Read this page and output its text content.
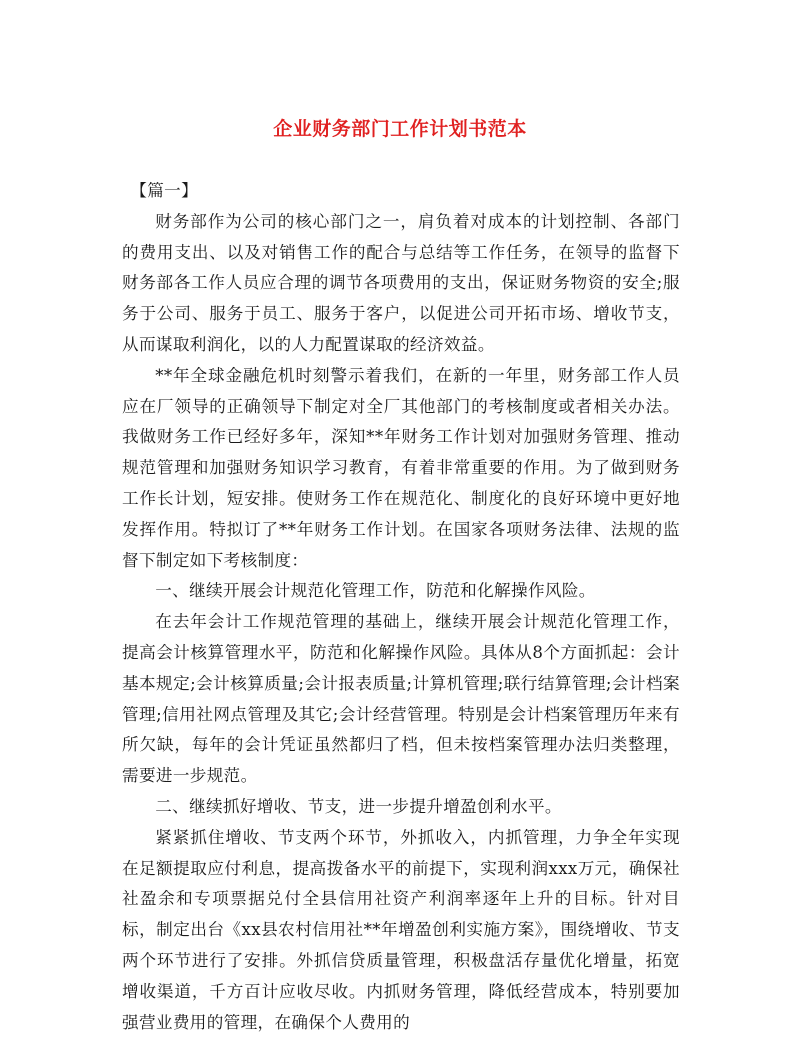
企业财务部门工作计划书范本

【篇一】

财务部作为公司的核心部门之一，肩负着对成本的计划控制、各部门的费用支出、以及对销售工作的配合与总结等工作任务，在领导的监督下财务部各工作人员应合理的调节各项费用的支出，保证财务物资的安全;服务于公司、服务于员工、服务于客户，以促进公司开拓市场、增收节支，从而谋取利润化，以的人力配置谋取的经济效益。

**年全球金融危机时刻警示着我们，在新的一年里，财务部工作人员应在厂领导的正确领导下制定对全厂其他部门的考核制度或者相关办法。我做财务工作已经好多年，深知**年财务工作计划对加强财务管理、推动规范管理和加强财务知识学习教育，有着非常重要的作用。为了做到财务工作长计划，短安排。使财务工作在规范化、制度化的良好环境中更好地发挥作用。特拟订了**年财务工作计划。在国家各项财务法律、法规的监督下制定如下考核制度：

一、继续开展会计规范化管理工作，防范和化解操作风险。

在去年会计工作规范管理的基础上，继续开展会计规范化管理工作，提高会计核算管理水平，防范和化解操作风险。具体从8个方面抓起：会计基本规定;会计核算质量;会计报表质量;计算机管理;联行结算管理;会计档案管理;信用社网点管理及其它;会计经营管理。特别是会计档案管理历年来有所欠缺，每年的会计凭证虽然都归了档，但未按档案管理办法归类整理，需要进一步规范。

二、继续抓好增收、节支，进一步提升增盈创利水平。

紧紧抓住增收、节支两个环节，外抓收入，内抓管理，力争全年实现在足额提取应付利息，提高拨备水平的前提下，实现利润xxx万元，确保社社盈余和专项票据兑付全县信用社资产利润率逐年上升的目标。针对目标，制定出台《xx县农村信用社**年增盈创利实施方案》，围绕增收、节支两个环节进行了安排。外抓信贷质量管理，积极盘活存量优化增量，拓宽增收渠道，千方百计应收尽收。内抓财务管理，降低经营成本，特别要加强营业费用的管理，在确保个人费用的
